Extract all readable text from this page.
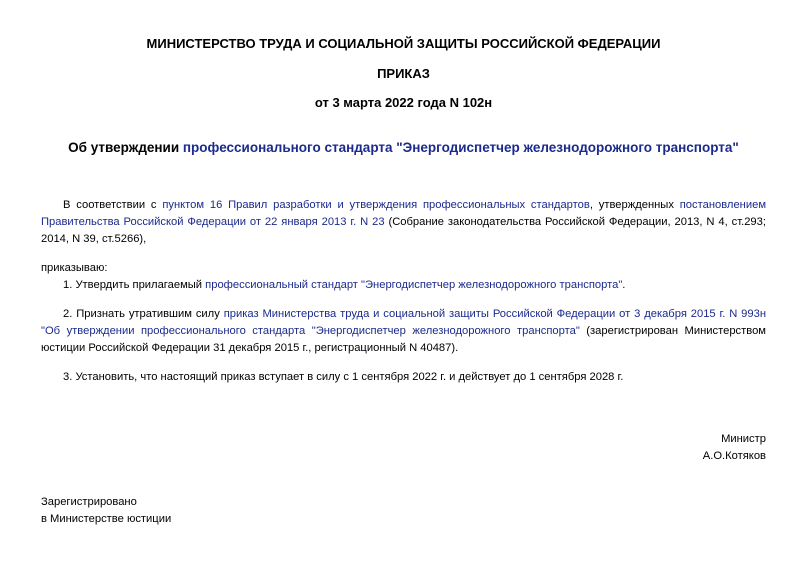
МИНИСТЕРСТВО ТРУДА И СОЦИАЛЬНОЙ ЗАЩИТЫ РОССИЙСКОЙ ФЕДЕРАЦИИ
ПРИКАЗ
от 3 марта 2022 года N 102н
Об утверждении профессионального стандарта "Энергодиспетчер железнодорожного транспорта"
В соответствии с пунктом 16 Правил разработки и утверждения профессиональных стандартов, утвержденных постановлением Правительства Российской Федерации от 22 января 2013 г. N 23 (Собрание законодательства Российской Федерации, 2013, N 4, ст.293; 2014, N 39, ст.5266),
приказываю:
1. Утвердить прилагаемый профессиональный стандарт "Энергодиспетчер железнодорожного транспорта".
2. Признать утратившим силу приказ Министерства труда и социальной защиты Российской Федерации от 3 декабря 2015 г. N 993н "Об утверждении профессионального стандарта "Энергодиспетчер железнодорожного транспорта" (зарегистрирован Министерством юстиции Российской Федерации 31 декабря 2015 г., регистрационный N 40487).
3. Установить, что настоящий приказ вступает в силу с 1 сентября 2022 г. и действует до 1 сентября 2028 г.
Министр
А.О.Котяков
Зарегистрировано
в Министерстве юстиции
